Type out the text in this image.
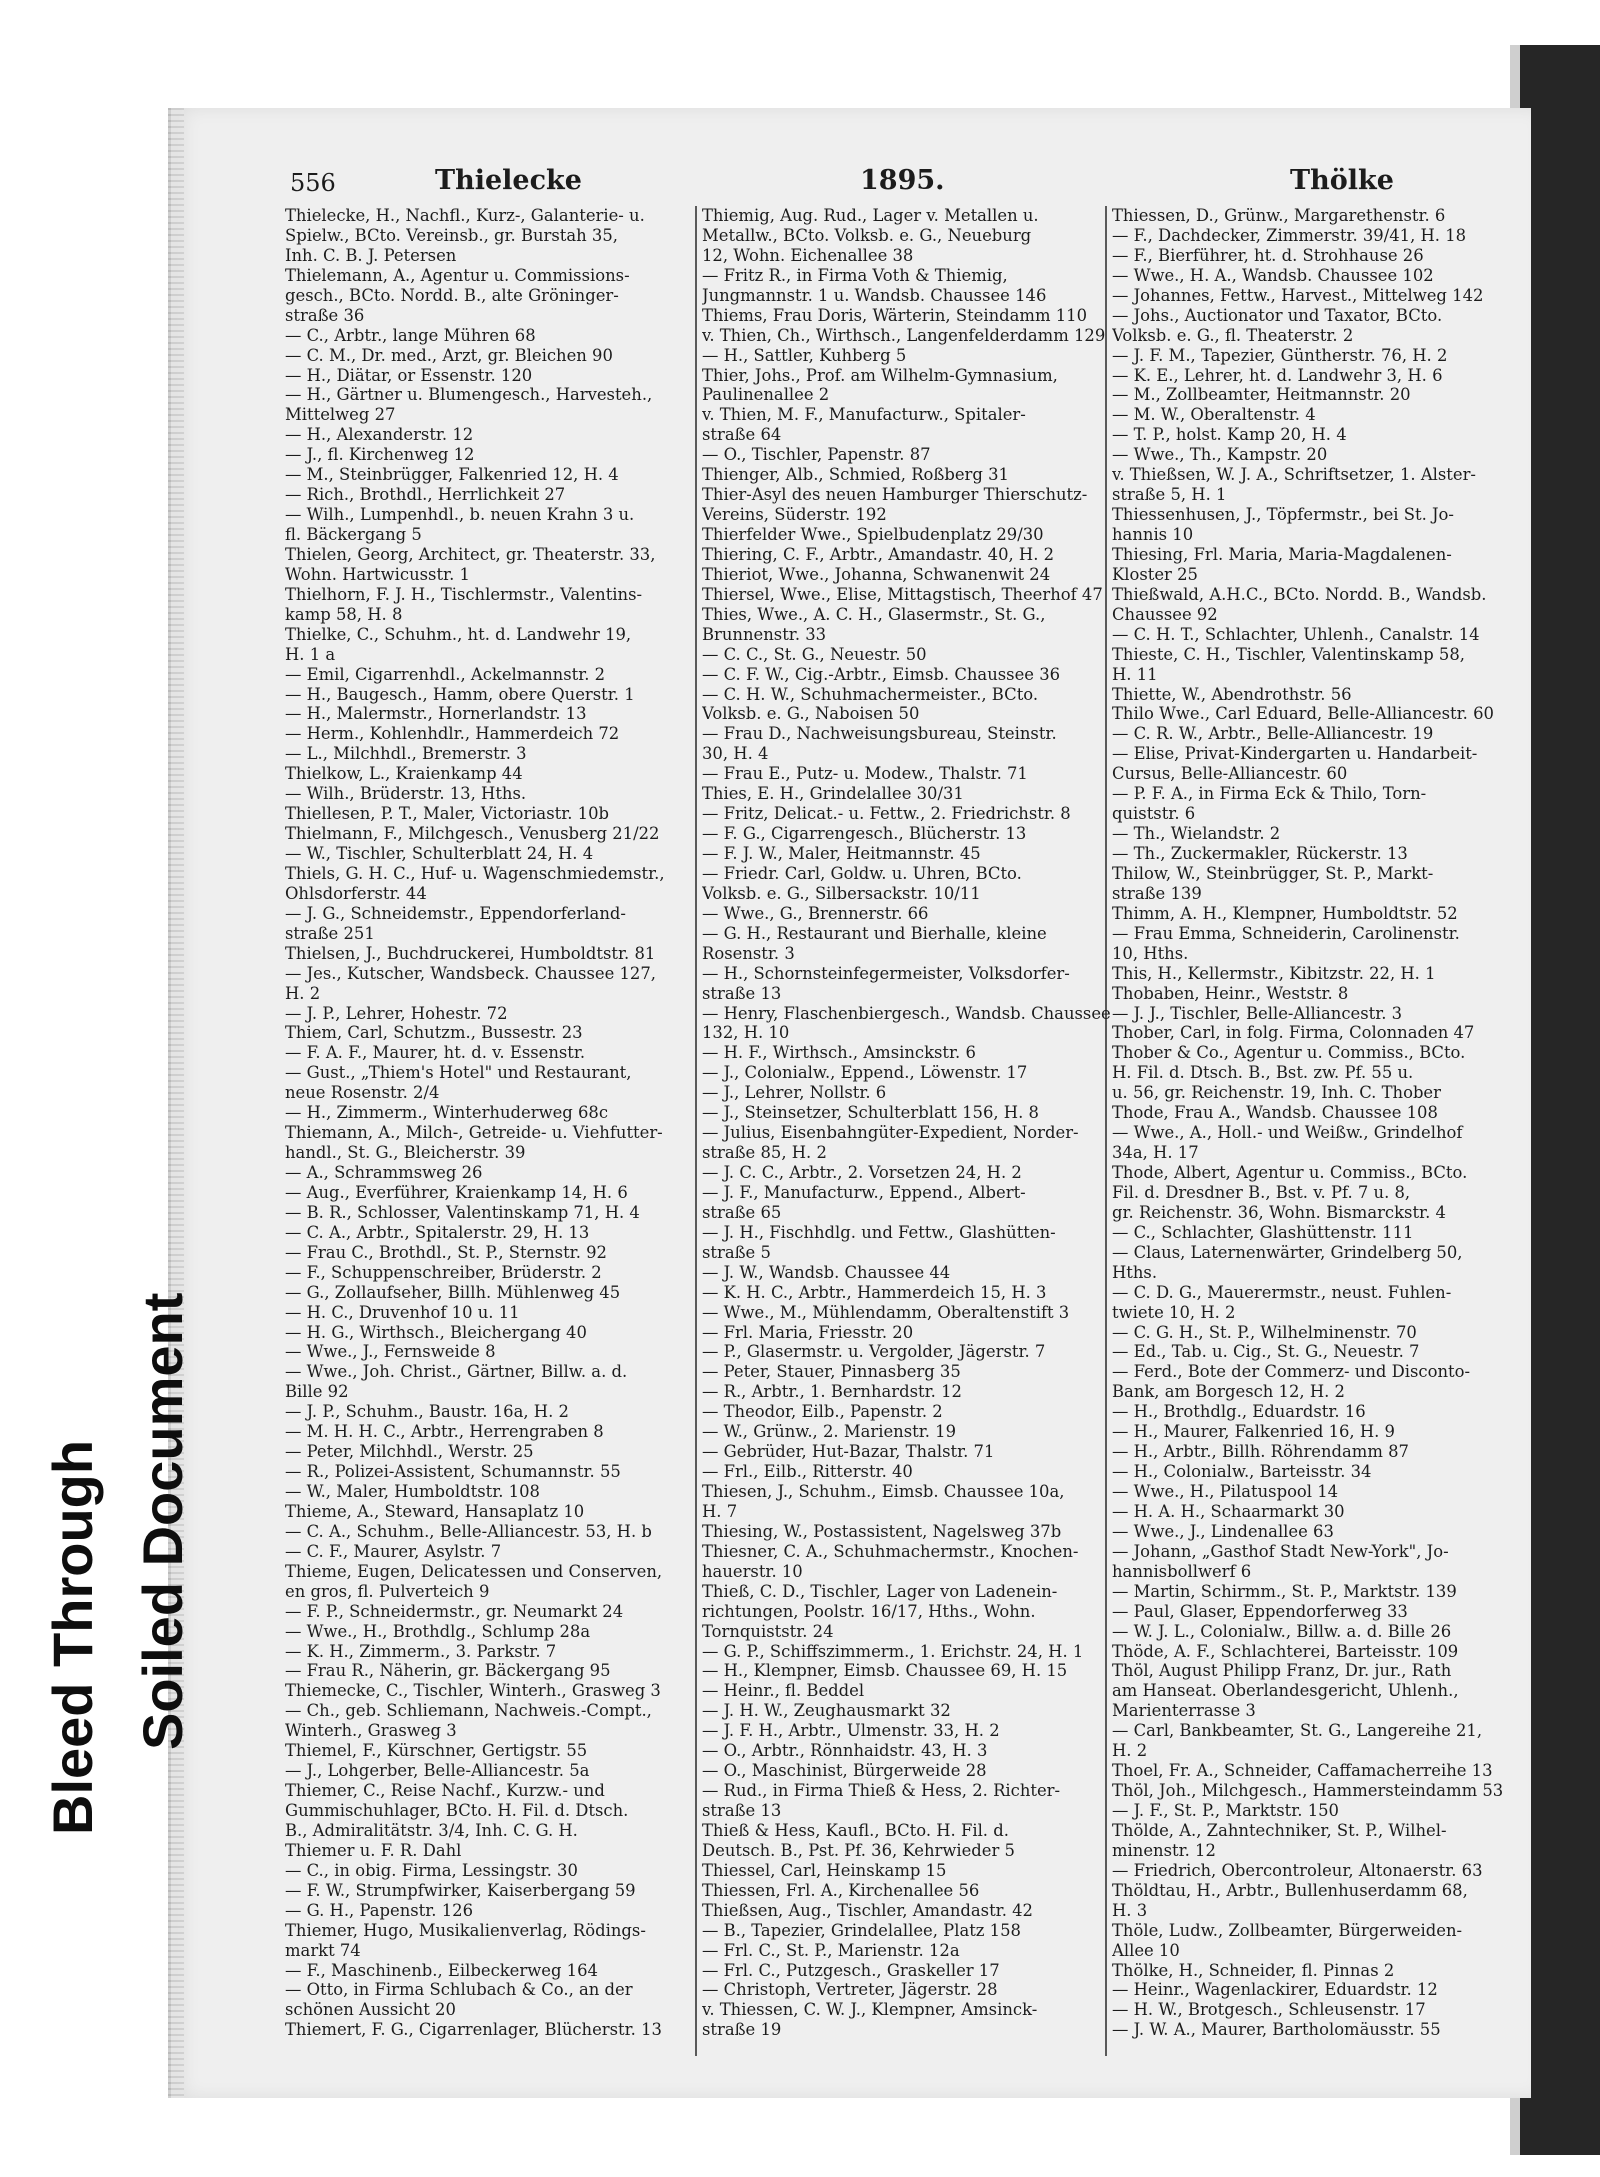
Bleed Through Soiled Document
556	Thielecke	1895.	Thölke
Thielecke, H., Nachfl., Kurz-, Galanterie- u.
Spielw., BCto. Vereinsb., gr. Burstah 35,
Inh. C. B. J. Petersen
Thielemann, A., Agentur u. Commissions-
gesch., BCto. Nordd. B., alte Gröninger-
straße 36
— C., Arbtr., lange Mühren 68
— C. M., Dr. med., Arzt, gr. Bleichen 90
— H., Diätar, or Essenstr. 120
— H., Gärtner u. Blumengesch., Harvesteh.,
Mittelweg 27
— H., Alexanderstr. 12
— J., fl. Kirchenweg 12
— M., Steinbrügger, Falkenried 12, H. 4
— Rich., Brothdl., Herrlichkeit 27
— Wilh., Lumpenhdl., b. neuen Krahn 3 u.
fl. Bäckergang 5
Thielen, Georg, Architect, gr. Theaterstr. 33,
Wohn. Hartwicusstr. 1
Thielhorn, F. J. H., Tischlermstr., Valentins-
kamp 58, H. 8
Thielke, C., Schuhm., ht. d. Landwehr 19,
H. 1 a
— Emil, Cigarrenhdl., Ackelmannstr. 2
— H., Baugesch., Hamm, obere Querstr. 1
— H., Malermstr., Hornerlandstr. 13
— Herm., Kohlenhdlr., Hammerdeich 72
— L., Milchhdl., Bremerstr. 3
Thielkow, L., Kraienkamp 44
— Wilh., Brüderstr. 13, Hths.
Thiellesen, P. T., Maler, Victoriastr. 10b
Thielmann, F., Milchgesch., Venusberg 21/22
— W., Tischler, Schulterblatt 24, H. 4
Thiels, G. H. C., Huf- u. Wagenschmiedemstr.,
Ohlsdorferstr. 44
— J. G., Schneidemstr., Eppendorferland-
straße 251
Thielsen, J., Buchdruckerei, Humboldtstr. 81
— Jes., Kutscher, Wandsbeck. Chaussee 127,
H. 2
— J. P., Lehrer, Hohestr. 72
Thiem, Carl, Schutzm., Bussestr. 23
— F. A. F., Maurer, ht. d. v. Essenstr.
— Gust., „Thiem's Hotel" und Restaurant,
neue Rosenstr. 2/4
— H., Zimmerm., Winterhuderweg 68c
Thiemann, A., Milch-, Getreide- u. Viehfutter-
handl., St. G., Bleicherstr. 39
— A., Schrammsweg 26
— Aug., Everführer, Kraienkamp 14, H. 6
— B. R., Schlosser, Valentinskamp 71, H. 4
— C. A., Arbtr., Spitalerstr. 29, H. 13
— Frau C., Brothdl., St. P., Sternstr. 92
— F., Schuppenschreiber, Brüderstr. 2
— G., Zollaufseher, Billh. Mühlenweg 45
— H. C., Druvenhof 10 u. 11
— H. G., Wirthsch., Bleichergang 40
— Wwe., J., Fernsweide 8
— Wwe., Joh. Christ., Gärtner, Billw. a. d.
Bille 92
— J. P., Schuhm., Baustr. 16a, H. 2
— M. H. H. C., Arbtr., Herrengraben 8
— Peter, Milchhdl., Werstr. 25
— R., Polizei-Assistent, Schumannstr. 55
— W., Maler, Humboldtstr. 108
Thieme, A., Steward, Hansaplatz 10
— C. A., Schuhm., Belle-Alliancestr. 53, H. b
— C. F., Maurer, Asylstr. 7
Thieme, Eugen, Delicatessen und Conserven,
en gros, fl. Pulverteich 9
— F. P., Schneidermstr., gr. Neumarkt 24
— Wwe., H., Brothdlg., Schlump 28a
— K. H., Zimmerm., 3. Parkstr. 7
— Frau R., Näherin, gr. Bäckergang 95
Thiemecke, C., Tischler, Winterh., Grasweg 3
— Ch., geb. Schliemann, Nachweis.-Compt.,
Winterh., Grasweg 3
Thiemel, F., Kürschner, Gertigstr. 55
— J., Lohgerber, Belle-Alliancestr. 5a
Thiemer, C., Reise Nachf., Kurzw.- und
Gummischuhlager, BCto. H. Fil. d. Dtsch.
B., Admiralitätstr. 3/4, Inh. C. G. H.
Thiemer u. F. R. Dahl
— C., in obig. Firma, Lessingstr. 30
— F. W., Strumpfwirker, Kaiserbergang 59
— G. H., Papenstr. 126
Thiemer, Hugo, Musikalienverlag, Rödings-
markt 74
— F., Maschinenb., Eilbeckerweg 164
— Otto, in Firma Schlubach & Co., an der
schönen Aussicht 20
Thiemert, F. G., Cigarrenlager, Blücherstr. 13
Thiemig, Aug. Rud., Lager v. Metallen u.
Metallw., BCto. Volksb. e. G., Neueburg
12, Wohn. Eichenallee 38
— Fritz R., in Firma Voth & Thiemig,
Jungmannstr. 1 u. Wandsb. Chaussee 146
Thiems, Frau Doris, Wärterin, Steindamm 110
v. Thien, Ch., Wirthsch., Langenfelderdamm 129
— H., Sattler, Kuhberg 5
Thier, Johs., Prof. am Wilhelm-Gymnasium,
Paulinenallee 2
v. Thien, M. F., Manufacturw., Spitaler-
straße 64
— O., Tischler, Papenstr. 87
Thienger, Alb., Schmied, Roßberg 31
Thier-Asyl des neuen Hamburger Thierschutz-
Vereins, Süderstr. 192
Thierfelder Wwe., Spielbudenplatz 29/30
Thiering, C. F., Arbtr., Amandastr. 40, H. 2
Thieriot, Wwe., Johanna, Schwanenwit 24
Thiersel, Wwe., Elise, Mittagstisch, Theerhof 47
Thies, Wwe., A. C. H., Glasermstr., St. G.,
Brunnenstr. 33
— C. C., St. G., Neuestr. 50
— C. F. W., Cig.-Arbtr., Eimsb. Chaussee 36
— C. H. W., Schuhmachermeister., BCto.
Volksb. e. G., Naboisen 50
— Frau D., Nachweisungsbureau, Steinstr.
30, H. 4
— Frau E., Putz- u. Modew., Thalstr. 71
Thies, E. H., Grindelallee 30/31
— Fritz, Delicat.- u. Fettw., 2. Friedrichstr. 8
— F. G., Cigarrengesch., Blücherstr. 13
— F. J. W., Maler, Heitmannstr. 45
— Friedr. Carl, Goldw. u. Uhren, BCto.
Volksb. e. G., Silbersackstr. 10/11
— Wwe., G., Brennerstr. 66
— G. H., Restaurant und Bierhalle, kleine
Rosenstr. 3
— H., Schornsteinfegermeister, Volksdorfer-
straße 13
— Henry, Flaschenbiergesch., Wandsb. Chaussee
132, H. 10
— H. F., Wirthsch., Amsinckstr. 6
— J., Colonialw., Eppend., Löwenstr. 17
— J., Lehrer, Nollstr. 6
— J., Steinsetzer, Schulterblatt 156, H. 8
— Julius, Eisenbahngüter-Expedient, Norder-
straße 85, H. 2
— J. C. C., Arbtr., 2. Vorsetzen 24, H. 2
— J. F., Manufacturw., Eppend., Albert-
straße 65
— J. H., Fischhdlg. und Fettw., Glashütten-
straße 5
— J. W., Wandsb. Chaussee 44
— K. H. C., Arbtr., Hammerdeich 15, H. 3
— Wwe., M., Mühlendamm, Oberaltenstift 3
— Frl. Maria, Friesstr. 20
— P., Glasermstr. u. Vergolder, Jägerstr. 7
— Peter, Stauer, Pinnasberg 35
— R., Arbtr., 1. Bernhardstr. 12
— Theodor, Eilb., Papenstr. 2
— W., Grünw., 2. Marienstr. 19
— Gebrüder, Hut-Bazar, Thalstr. 71
— Frl., Eilb., Ritterstr. 40
Thiesen, J., Schuhm., Eimsb. Chaussee 10a,
H. 7
Thiesing, W., Postassistent, Nagelsweg 37b
Thiesner, C. A., Schuhmachermstr., Knochen-
hauerstr. 10
Thieß, C. D., Tischler, Lager von Ladenein-
richtungen, Poolstr. 16/17, Hths., Wohn.
Tornquiststr. 24
— G. P., Schiffszimmerm., 1. Erichstr. 24, H. 1
— H., Klempner, Eimsb. Chaussee 69, H. 15
— Heinr., fl. Beddel
— J. H. W., Zeughausmarkt 32
— J. F. H., Arbtr., Ulmenstr. 33, H. 2
— O., Arbtr., Rönnhaidstr. 43, H. 3
— O., Maschinist, Bürgerweide 28
— Rud., in Firma Thieß & Hess, 2. Richter-
straße 13
Thieß & Hess, Kaufl., BCto. H. Fil. d.
Deutsch. B., Pst. Pf. 36, Kehrwieder 5
Thiessel, Carl, Heinskamp 15
Thiessen, Frl. A., Kirchenallee 56
Thießsen, Aug., Tischler, Amandastr. 42
— B., Tapezier, Grindelallee, Platz 158
— Frl. C., St. P., Marienstr. 12a
— Frl. C., Putzgesch., Graskeller 17
— Christoph, Vertreter, Jägerstr. 28
v. Thiessen, C. W. J., Klempner, Amsinck-
straße 19
Thiessen, D., Grünw., Margarethenstr. 6
— F., Dachdecker, Zimmerstr. 39/41, H. 18
— F., Bierführer, ht. d. Strohhause 26
— Wwe., H. A., Wandsb. Chaussee 102
— Johannes, Fettw., Harvest., Mittelweg 142
— Johs., Auctionator und Taxator, BCto.
Volksb. e. G., fl. Theaterstr. 2
— J. F. M., Tapezier, Güntherstr. 76, H. 2
— K. E., Lehrer, ht. d. Landwehr 3, H. 6
— M., Zollbeamter, Heitmannstr. 20
— M. W., Oberaltenstr. 4
— T. P., holst. Kamp 20, H. 4
— Wwe., Th., Kampstr. 20
v. Thießsen, W. J. A., Schriftsetzer, 1. Alster-
straße 5, H. 1
Thiessenhusen, J., Töpfermstr., bei St. Jo-
hannis 10
Thiesing, Frl. Maria, Maria-Magdalenen-
Kloster 25
Thießwald, A.H.C., BCto. Nordd. B., Wandsb.
Chaussee 92
— C. H. T., Schlachter, Uhlenh., Canalstr. 14
Thieste, C. H., Tischler, Valentinskamp 58,
H. 11
Thiette, W., Abendrothstr. 56
Thilo Wwe., Carl Eduard, Belle-Alliancestr. 60
— C. R. W., Arbtr., Belle-Alliancestr. 19
— Elise, Privat-Kindergarten u. Handarbeit-
Cursus, Belle-Alliancestr. 60
— P. F. A., in Firma Eck & Thilo, Torn-
quiststr. 6
— Th., Wielandstr. 2
— Th., Zuckermakler, Rückerstr. 13
Thilow, W., Steinbrügger, St. P., Markt-
straße 139
Thimm, A. H., Klempner, Humboldtstr. 52
— Frau Emma, Schneiderin, Carolinenstr.
10, Hths.
This, H., Kellermstr., Kibitzstr. 22, H. 1
Thobaben, Heinr., Weststr. 8
— J. J., Tischler, Belle-Alliancestr. 3
Thober, Carl, in folg. Firma, Colonnaden 47
Thober & Co., Agentur u. Commiss., BCto.
H. Fil. d. Dtsch. B., Bst. zw. Pf. 55 u.
u. 56, gr. Reichenstr. 19, Inh. C. Thober
Thode, Frau A., Wandsb. Chaussee 108
— Wwe., A., Holl.- und Weißw., Grindelhof
34a, H. 17
Thode, Albert, Agentur u. Commiss., BCto.
Fil. d. Dresdner B., Bst. v. Pf. 7 u. 8,
gr. Reichenstr. 36, Wohn. Bismarckstr. 4
— C., Schlachter, Glashüttenstr. 111
— Claus, Laternenwärter, Grindelberg 50,
Hths.
— C. D. G., Mauerermstr., neust. Fuhlen-
twiete 10, H. 2
— C. G. H., St. P., Wilhelminenstr. 70
— Ed., Tab. u. Cig., St. G., Neuestr. 7
— Ferd., Bote der Commerz- und Disconto-
Bank, am Borgesch 12, H. 2
— H., Brothdlg., Eduardstr. 16
— H., Maurer, Falkenried 16, H. 9
— H., Arbtr., Billh. Röhrendamm 87
— H., Colonialw., Barteisstr. 34
— Wwe., H., Pilatuspool 14
— H. A. H., Schaarmarkt 30
— Wwe., J., Lindenallee 63
— Johann, „Gasthof Stadt New-York", Jo-
hannisbollwerf 6
— Martin, Schirmm., St. P., Marktstr. 139
— Paul, Glaser, Eppendorferweg 33
— W. J. L., Colonialw., Billw. a. d. Bille 26
Thöde, A. F., Schlachterei, Barteisstr. 109
Thöl, August Philipp Franz, Dr. jur., Rath
am Hanseat. Oberlandesgericht, Uhlenh.,
Marienterrasse 3
— Carl, Bankbeamter, St. G., Langereihe 21,
H. 2
Thoel, Fr. A., Schneider, Caffamacherreihe 13
Thöl, Joh., Milchgesch., Hammersteindamm 53
— J. F., St. P., Marktstr. 150
Thölde, A., Zahntechniker, St. P., Wilhel-
minenstr. 12
— Friedrich, Obercontroleur, Altonaerstr. 63
Thöldtau, H., Arbtr., Bullenhuserdamm 68,
H. 3
Thöle, Ludw., Zollbeamter, Bürgerweiden-
Allee 10
Thölke, H., Schneider, fl. Pinnas 2
— Heinr., Wagenlackirer, Eduardstr. 12
— H. W., Brotgesch., Schleusenstr. 17
— J. W. A., Maurer, Bartholomäusstr. 55
